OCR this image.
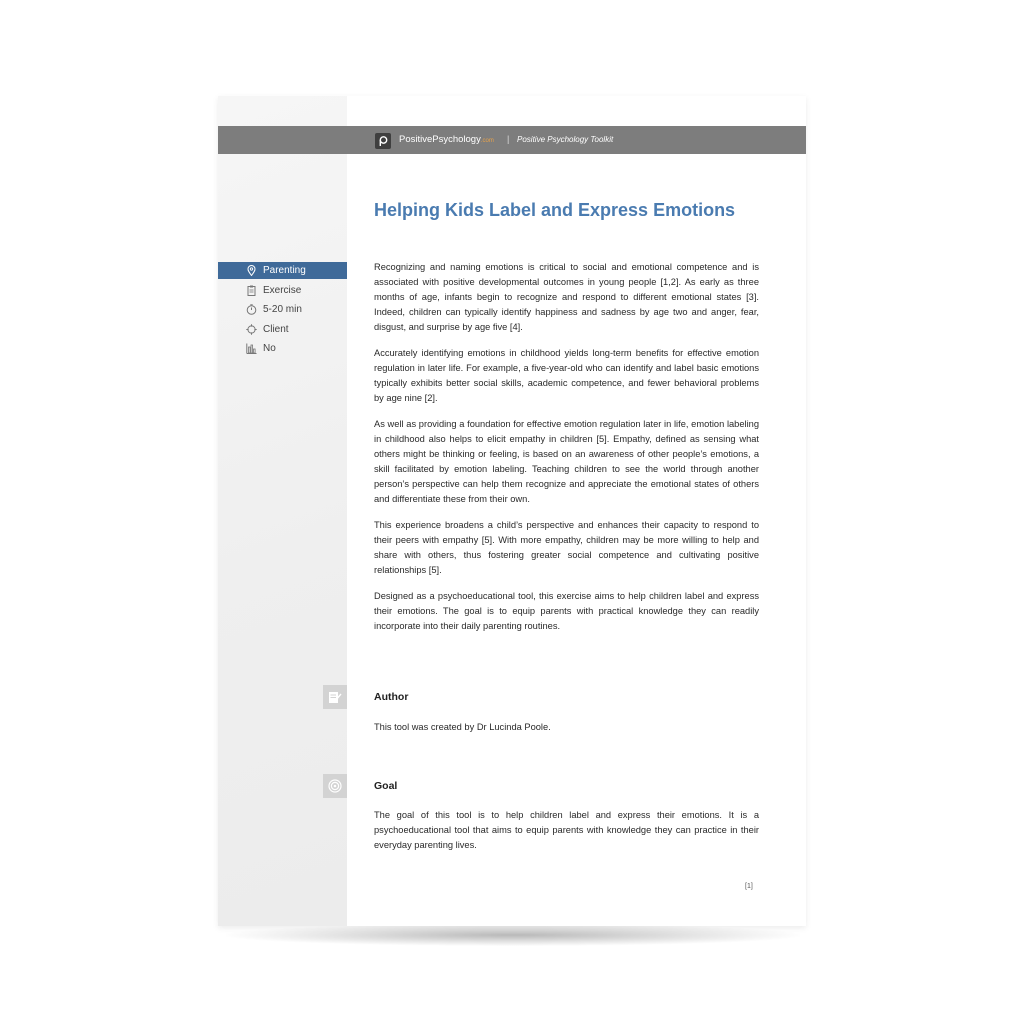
PositivePsychology.com | Positive Psychology Toolkit
Helping Kids Label and Express Emotions
Parenting
Exercise
5-20 min
Client
No

Recognizing and naming emotions is critical to social and emotional competence and is associated with positive developmental outcomes in young people [1,2]. As early as three months of age, infants begin to recognize and respond to different emotional states [3]. Indeed, children can typically identify happiness and sadness by age two and anger, fear, disgust, and surprise by age five [4].

Accurately identifying emotions in childhood yields long-term benefits for effective emotion regulation in later life. For example, a five-year-old who can identify and label basic emotions typically exhibits better social skills, academic competence, and fewer behavioral problems by age nine [2].

As well as providing a foundation for effective emotion regulation later in life, emotion labeling in childhood also helps to elicit empathy in children [5]. Empathy, defined as sensing what others might be thinking or feeling, is based on an awareness of other people’s emotions, a skill facilitated by emotion labeling. Teaching children to see the world through another person’s perspective can help them recognize and appreciate the emotional states of others and differentiate these from their own.

This experience broadens a child’s perspective and enhances their capacity to respond to their peers with empathy [5]. With more empathy, children may be more willing to help and share with others, thus fostering greater social competence and cultivating positive relationships [5].

Designed as a psychoeducational tool, this exercise aims to help children label and express their emotions. The goal is to equip parents with practical knowledge they can readily incorporate into their daily parenting routines.

Author
This tool was created by Dr Lucinda Poole.
Goal
The goal of this tool is to help children label and express their emotions. It is a psychoeducational tool that aims to equip parents with knowledge they can practice in their everyday parenting lives.
[1]
